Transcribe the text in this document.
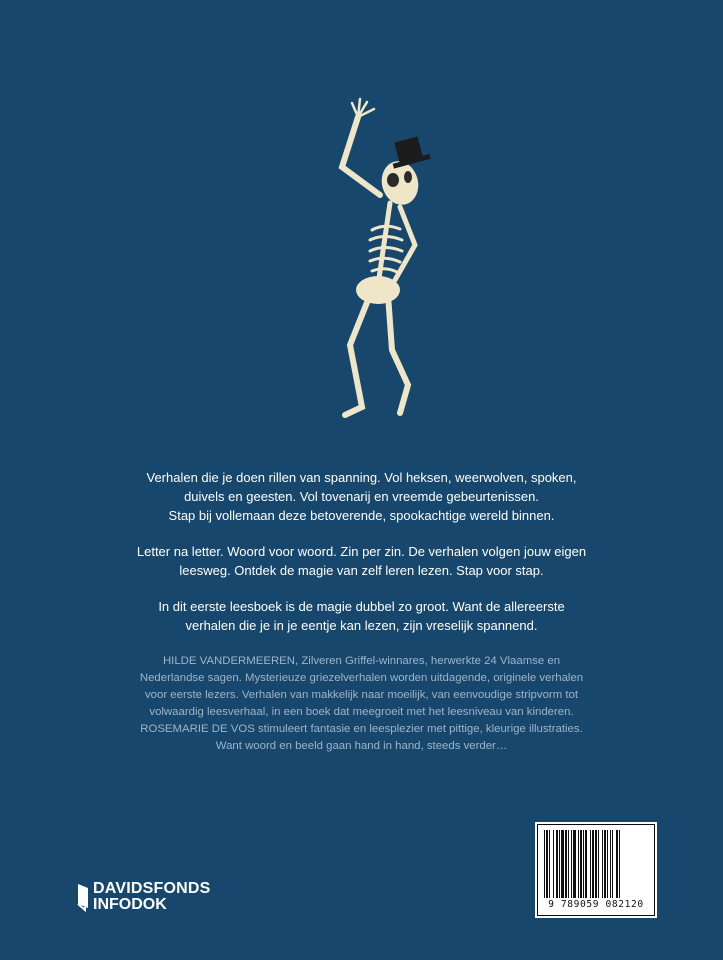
Verhalen die je doen rillen van spanning. Vol heksen, weerwolven, spoken,
duivels en geesten. Vol tovenarij en vreemde gebeurtenissen.
Stap bij vollemaan deze betoverende, spookachtige wereld binnen.

Letter na letter. Woord voor woord. Zin per zin. De verhalen volgen jouw eigen
leesweg. Ontdek de magie van zelf leren lezen. Stap voor stap.

In dit eerste leesboek is de magie dubbel zo groot. Want de allereerste
verhalen die je in je eentje kan lezen, zijn vreselijk spannend.

HILDE VANDERMEEREN, Zilveren Griffel-winnares, herwerkte 24 Vlaamse en
Nederlandse sagen. Mysterieuze griezelverhalen worden uitdagende, originele verhalen
voor eerste lezers. Verhalen van makkelijk naar moeilijk, van eenvoudige stripvorm tot
volwaardig leesverhaal, in een boek dat meegroeit met het leesniveau van kinderen.
ROSEMARIE DE VOS stimuleert fantasie en leesplezier met pittige, kleurige illustraties.
Want woord en beeld gaan hand in hand, steeds verder…

DAVIDSFONDS
INFODOK	9 789059 082120
